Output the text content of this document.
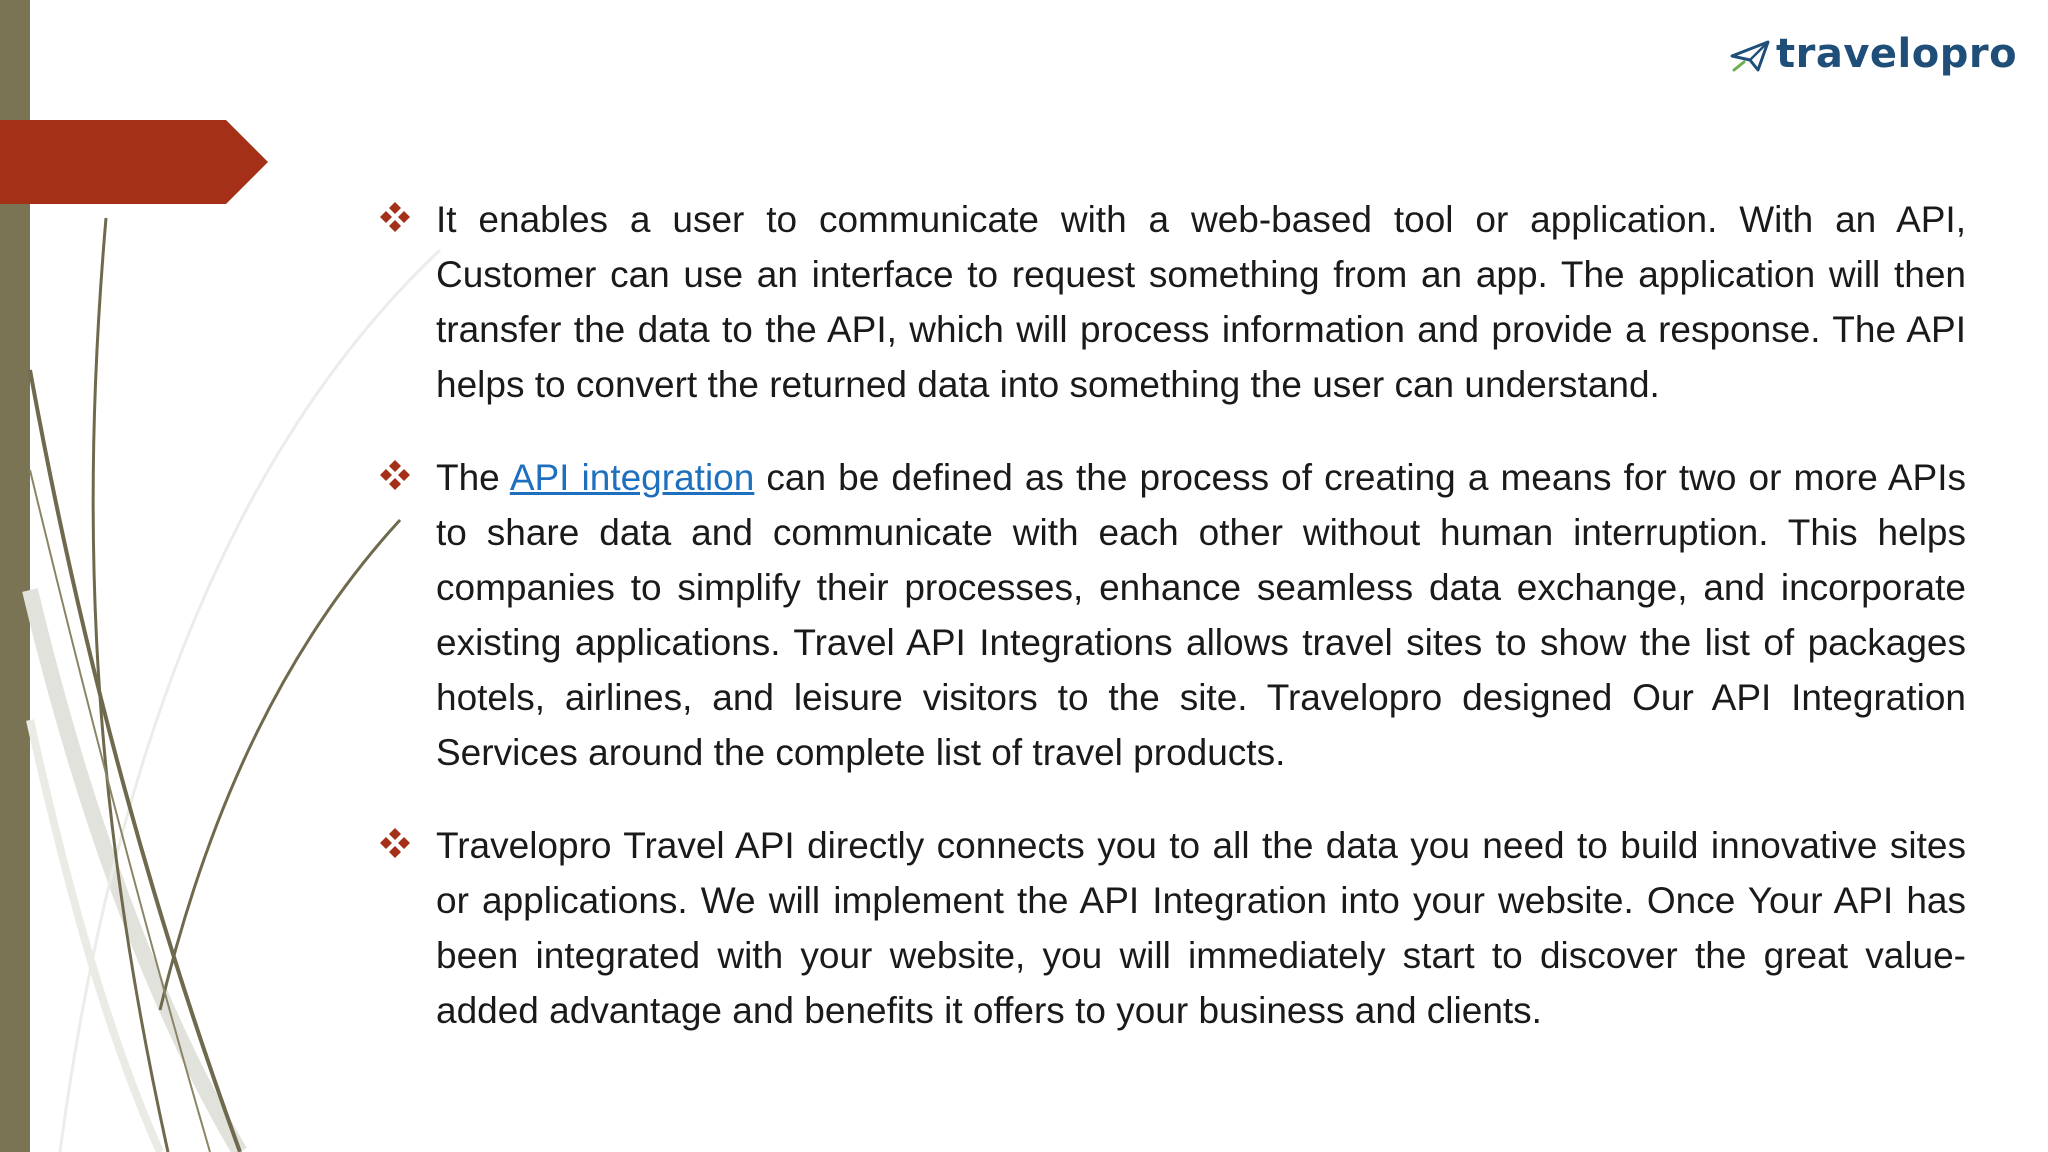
travelopro

It enables a user to communicate with a web-based tool or application. With an API, Customer can use an interface to request something from an app. The application will then transfer the data to the API, which will process information and provide a response. The API helps to convert the returned data into something the user can understand.

The API integration can be defined as the process of creating a means for two or more APIs to share data and communicate with each other without human interruption. This helps companies to simplify their processes, enhance seamless data exchange, and incorporate existing applications. Travel API Integrations allows travel sites to show the list of packages hotels, airlines, and leisure visitors to the site. Travelopro designed Our API Integration Services around the complete list of travel products.

Travelopro Travel API directly connects you to all the data you need to build innovative sites or applications. We will implement the API Integration into your website. Once Your API has been integrated with your website, you will immediately start to discover the great value-added advantage and benefits it offers to your business and clients.
